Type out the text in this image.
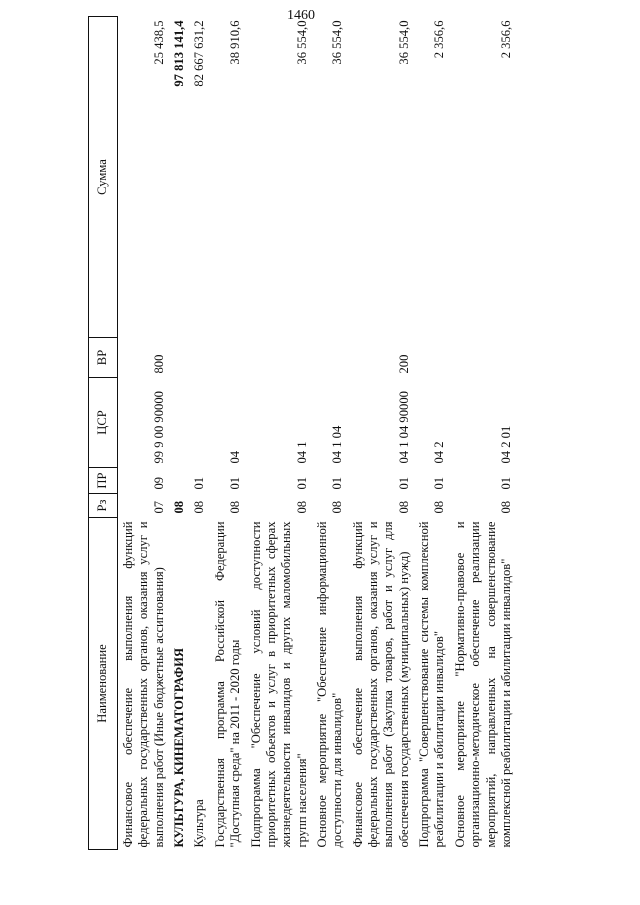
1460
Наименование	Рз	ПР	ЦСР	ВР	Сумма
Финансовое обеспечение выполнения функций федеральных государственных органов, оказания услуг и выполнения работ (Иные бюджетные ассигнования)	07	09	99 9 00 90000	800	25 438,5
КУЛЬТУРА, КИНЕМАТОГРАФИЯ	08				97 813 141,4
Культура	08	01			82 667 631,2
Государственная программа Российской Федерации "Доступная среда" на 2011 - 2020 годы	08	01	04		38 910,6
Подпрограмма "Обеспечение условий доступности приоритетных объектов и услуг в приоритетных сферах жизнедеятельности инвалидов и других маломобильных групп населения"	08	01	04 1		36 554,0
Основное мероприятие "Обеспечение информационной доступности для инвалидов"	08	01	04 1 04		36 554,0
Финансовое обеспечение выполнения функций федеральных государственных органов, оказания услуг и выполнения работ (Закупка товаров, работ и услуг для обеспечения государственных (муниципальных) нужд)	08	01	04 1 04 90000	200	36 554,0
Подпрограмма "Совершенствование системы комплексной реабилитации и абилитации инвалидов"	08	01	04 2		2 356,6
Основное мероприятие "Нормативно-правовое и организационно-методическое обеспечение реализации мероприятий, направленных на совершенствование комплексной реабилитации и абилитации инвалидов"	08	01	04 2 01		2 356,6
